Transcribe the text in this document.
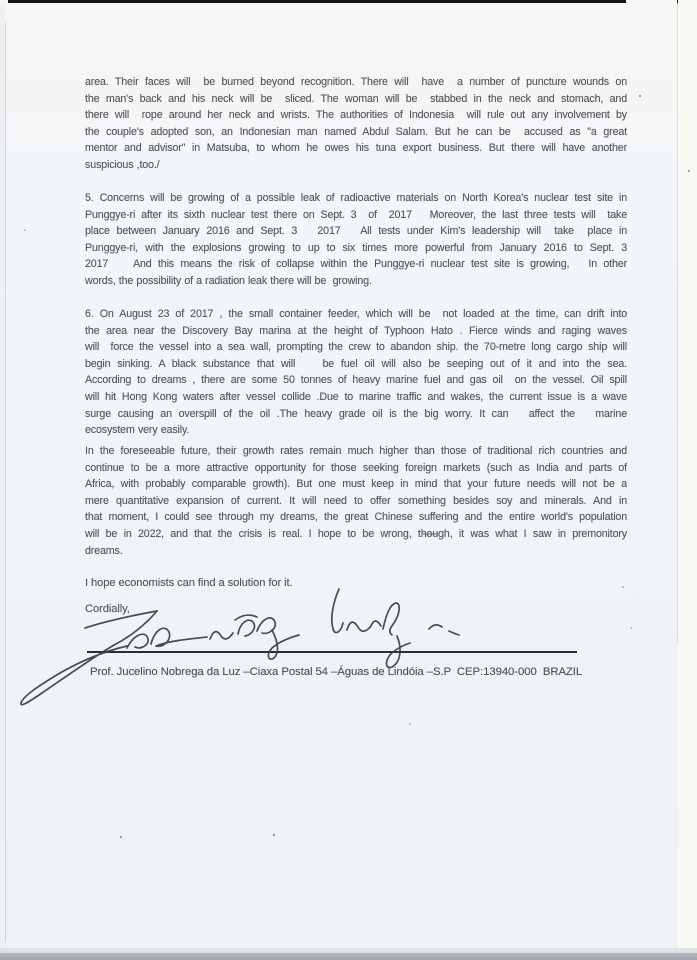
area. Their faces will  be burned beyond recognition. There will  have  a number of puncture wounds on
the man's back and his neck will be  sliced. The woman will be  stabbed in the neck and stomach, and
there will  rope around her neck and wrists. The authorities of Indonesia  will rule out any involvement by
the couple's adopted son, an Indonesian man named Abdul Salam. But he can be  accused as "a great
mentor and advisor" in Matsuba, to whom he owes his tuna export business. But there will have another
suspicious ,too./
5. Concerns will be growing of a possible leak of radioactive materials on North Korea's nuclear test site in
Punggye-ri after its sixth nuclear test there on Sept. 3  of  2017   Moreover, the last three tests will  take
place between January 2016 and Sept. 3   2017   All tests under Kim's leadership will  take  place in
Punggye-ri, with the explosions growing to up to six times more powerful from January 2016 to Sept. 3
2017    And this means the risk of collapse within the Punggye-ri nuclear test site is growing,   In other
words, the possibility of a radiation leak there will be  growing.
6. On August 23 of 2017 , the small container feeder, which will be  not loaded at the time, can drift into
the area near the Discovery Bay marina at the height of Typhoon Hato . Fierce winds and raging waves
will  force the vessel into a sea wall, prompting the crew to abandon ship. the 70-metre long cargo ship will
begin sinking. A black substance that will    be fuel oil will also be seeping out of it and into the sea.
According to dreams , there are some 50 tonnes of heavy marine fuel and gas oil  on the vessel. Oil spill
will hit Hong Kong waters after vessel collide .Due to marine traffic and wakes, the current issue is a wave
surge causing an overspill of the oil .The heavy grade oil is the big worry. It can   affect the   marine
ecosystem very easily.
In the foreseeable future, their growth rates remain much higher than those of traditional rich countries and
continue to be a more attractive opportunity for those seeking foreign markets (such as India and parts of
Africa, with probably comparable growth). But one must keep in mind that your future needs will not be a
mere quantitative expansion of current. It will need to offer something besides soy and minerals. And in
that moment, I could see through my dreams, the great Chinese suffering and the entire world's population
will be in 2022, and that the crisis is real. I hope to be wrong, though, it was what I saw in premonitory
dreams.
I hope economists can find a solution for it.
Cordially,
Prof. Jucelino Nobrega da Luz –Ciaxa Postal 54 –Águas de Lindóia –S.P  CEP:13940-000  BRAZIL
